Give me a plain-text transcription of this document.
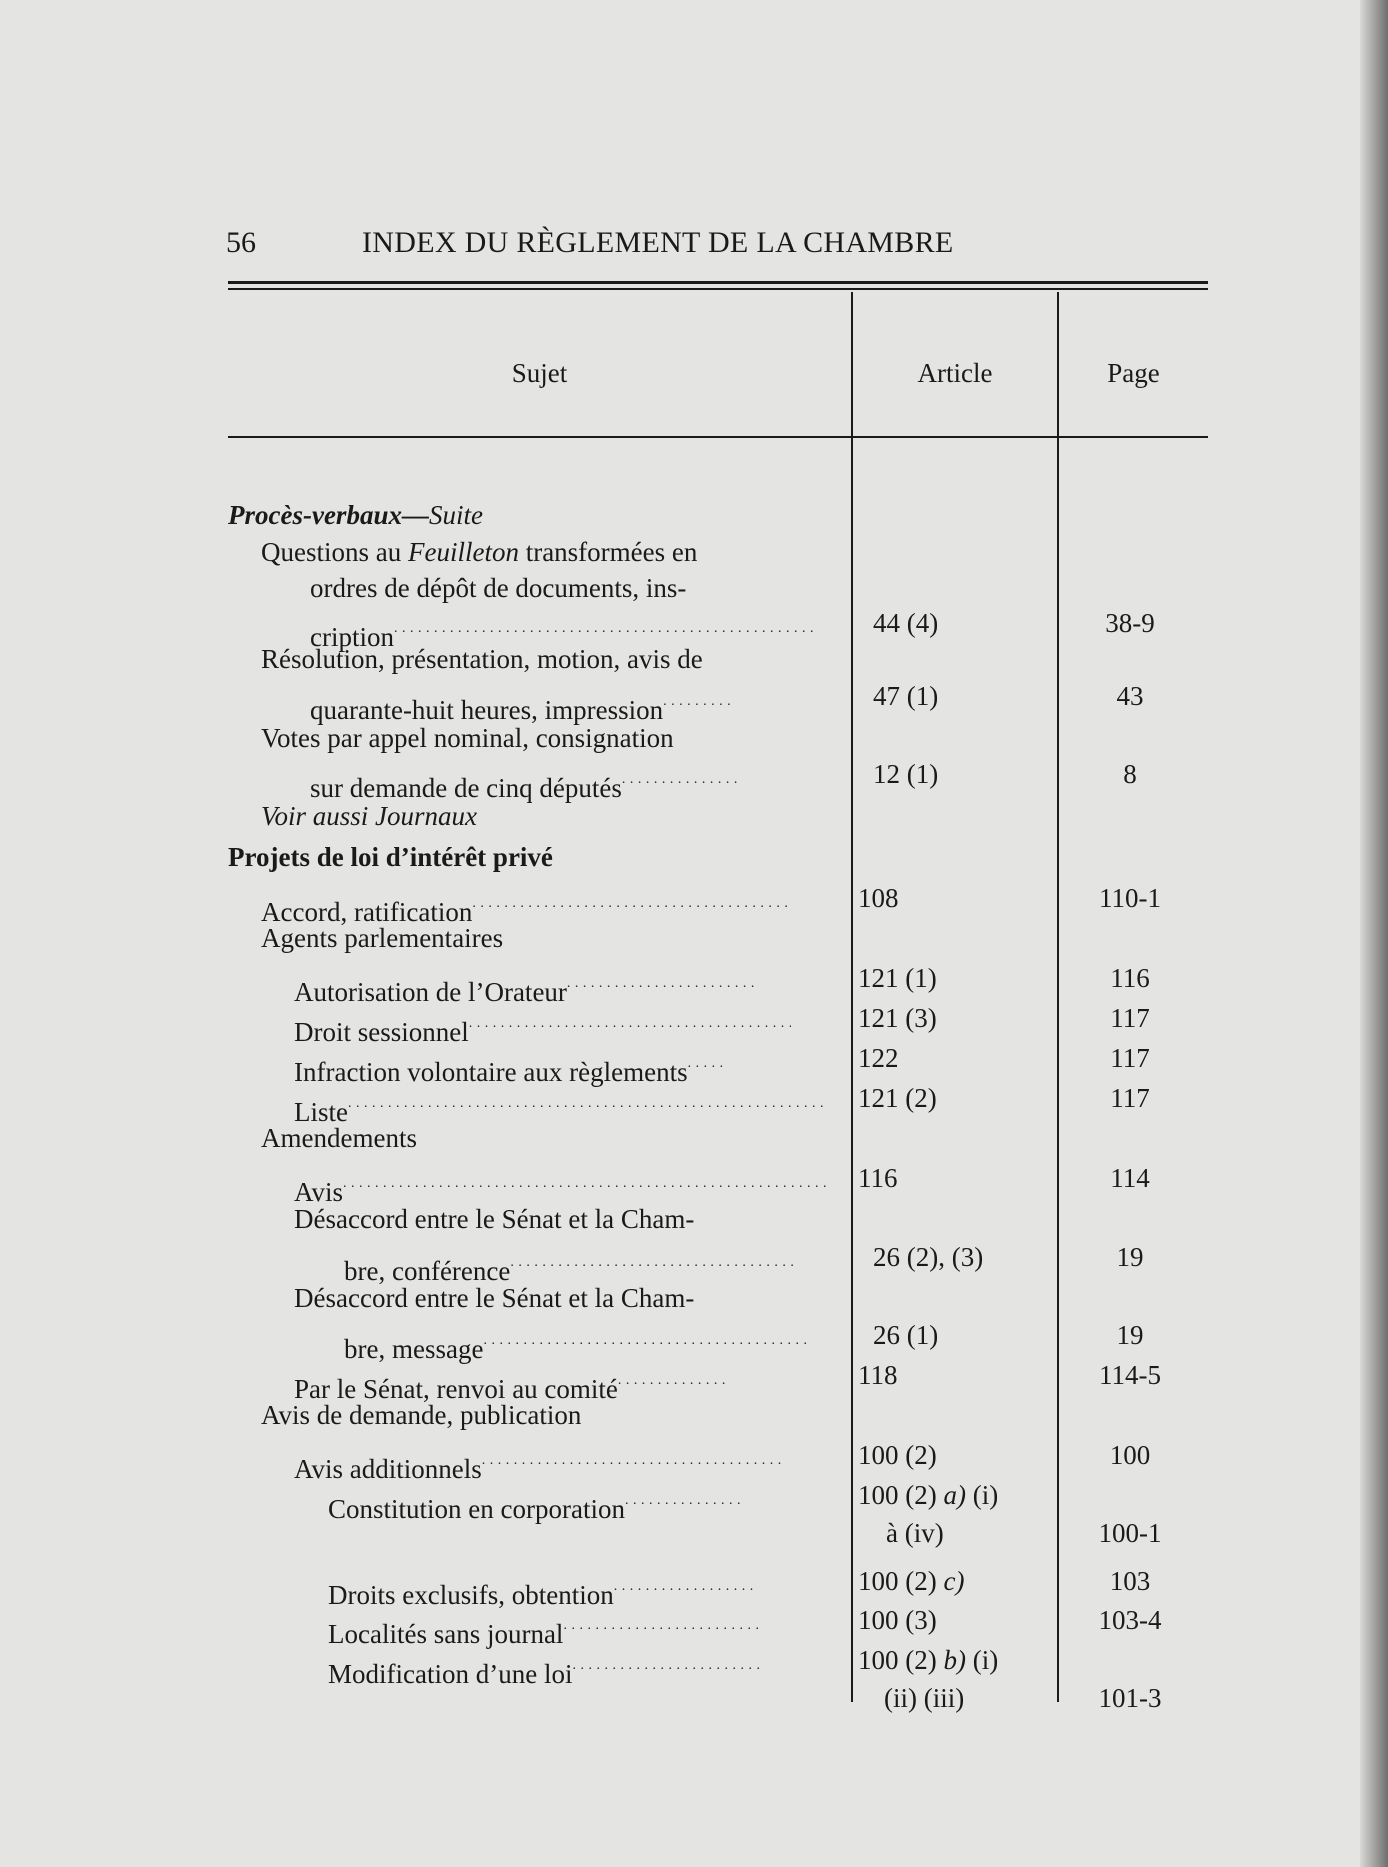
56	INDEX DU RÈGLEMENT DE LA CHAMBRE
Sujet	Article	Page
Procès-verbaux—Suite
Questions au Feuilleton transformées en
ordres de dépôt de documents, ins-
cription . . .	44 (4)	38-9
Résolution, présentation, motion, avis de
quarante-huit heures, impression . . .	47 (1)	43
Votes par appel nominal, consignation
sur demande de cinq députés . . .	12 (1)	8
Voir aussi Journaux
Projets de loi d’intérêt privé
Accord, ratification . . .	108	110-1
Agents parlementaires
Autorisation de l’Orateur . . .	121 (1)	116
Droit sessionnel . . .	121 (3)	117
Infraction volontaire aux règlements . . .	122	117
Liste . . .	121 (2)	117
Amendements
Avis . . .	116	114
Désaccord entre le Sénat et la Cham-
bre, conférence . . .	26 (2), (3)	19
Désaccord entre le Sénat et la Cham-
bre, message . . .	26 (1)	19
Par le Sénat, renvoi au comité . . .	118	114-5
Avis de demande, publication
Avis additionnels . . .	100 (2)	100
Constitution en corporation . . .	100 (2) a) (i)
à (iv)	100-1
Droits exclusifs, obtention . . .	100 (2) c)	103
Localités sans journal . . .	100 (3)	103-4
Modification d’une loi . . .	100 (2) b) (i)
(ii) (iii)	101-3
